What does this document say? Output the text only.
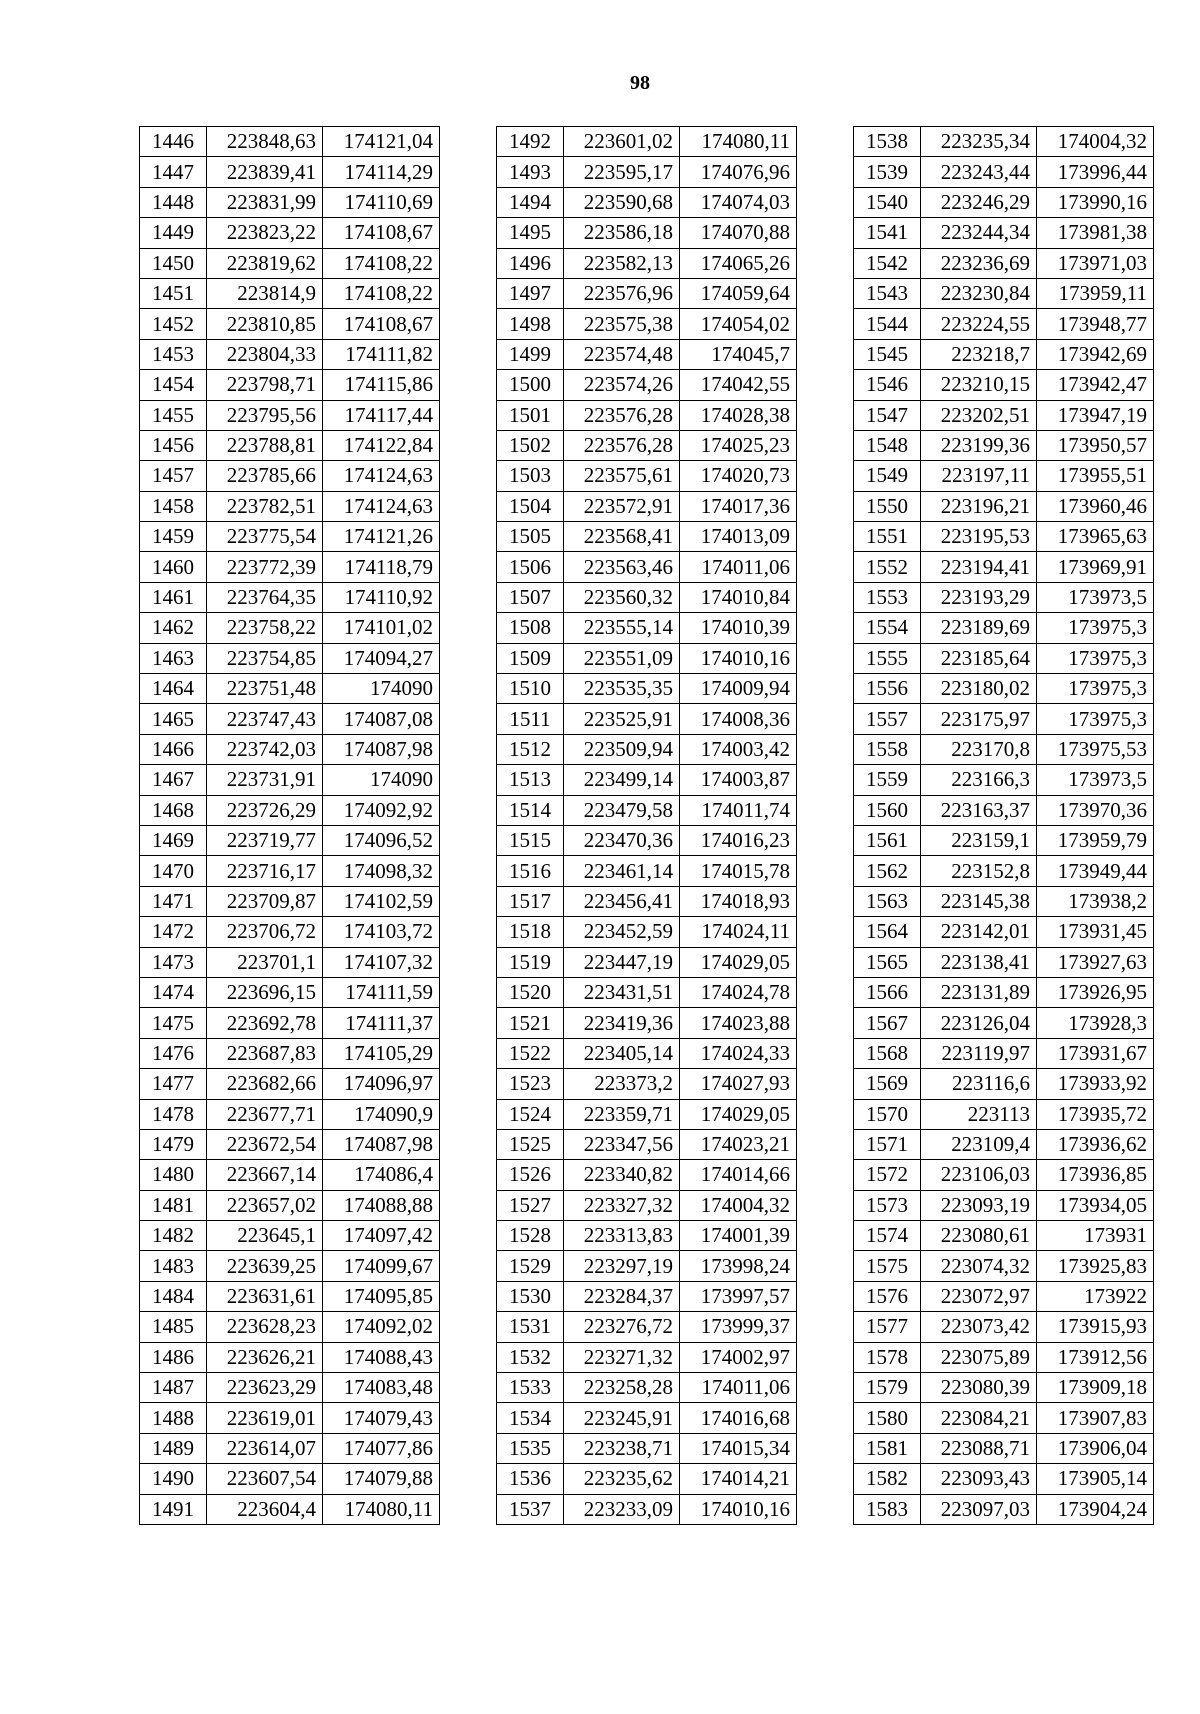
98
1446	223848,63	174121,04
1447	223839,41	174114,29
1448	223831,99	174110,69
1449	223823,22	174108,67
1450	223819,62	174108,22
1451	223814,9	174108,22
1452	223810,85	174108,67
1453	223804,33	174111,82
1454	223798,71	174115,86
1455	223795,56	174117,44
1456	223788,81	174122,84
1457	223785,66	174124,63
1458	223782,51	174124,63
1459	223775,54	174121,26
1460	223772,39	174118,79
1461	223764,35	174110,92
1462	223758,22	174101,02
1463	223754,85	174094,27
1464	223751,48	174090
1465	223747,43	174087,08
1466	223742,03	174087,98
1467	223731,91	174090
1468	223726,29	174092,92
1469	223719,77	174096,52
1470	223716,17	174098,32
1471	223709,87	174102,59
1472	223706,72	174103,72
1473	223701,1	174107,32
1474	223696,15	174111,59
1475	223692,78	174111,37
1476	223687,83	174105,29
1477	223682,66	174096,97
1478	223677,71	174090,9
1479	223672,54	174087,98
1480	223667,14	174086,4
1481	223657,02	174088,88
1482	223645,1	174097,42
1483	223639,25	174099,67
1484	223631,61	174095,85
1485	223628,23	174092,02
1486	223626,21	174088,43
1487	223623,29	174083,48
1488	223619,01	174079,43
1489	223614,07	174077,86
1490	223607,54	174079,88
1491	223604,4	174080,11
1492	223601,02	174080,11
1493	223595,17	174076,96
1494	223590,68	174074,03
1495	223586,18	174070,88
1496	223582,13	174065,26
1497	223576,96	174059,64
1498	223575,38	174054,02
1499	223574,48	174045,7
1500	223574,26	174042,55
1501	223576,28	174028,38
1502	223576,28	174025,23
1503	223575,61	174020,73
1504	223572,91	174017,36
1505	223568,41	174013,09
1506	223563,46	174011,06
1507	223560,32	174010,84
1508	223555,14	174010,39
1509	223551,09	174010,16
1510	223535,35	174009,94
1511	223525,91	174008,36
1512	223509,94	174003,42
1513	223499,14	174003,87
1514	223479,58	174011,74
1515	223470,36	174016,23
1516	223461,14	174015,78
1517	223456,41	174018,93
1518	223452,59	174024,11
1519	223447,19	174029,05
1520	223431,51	174024,78
1521	223419,36	174023,88
1522	223405,14	174024,33
1523	223373,2	174027,93
1524	223359,71	174029,05
1525	223347,56	174023,21
1526	223340,82	174014,66
1527	223327,32	174004,32
1528	223313,83	174001,39
1529	223297,19	173998,24
1530	223284,37	173997,57
1531	223276,72	173999,37
1532	223271,32	174002,97
1533	223258,28	174011,06
1534	223245,91	174016,68
1535	223238,71	174015,34
1536	223235,62	174014,21
1537	223233,09	174010,16
1538	223235,34	174004,32
1539	223243,44	173996,44
1540	223246,29	173990,16
1541	223244,34	173981,38
1542	223236,69	173971,03
1543	223230,84	173959,11
1544	223224,55	173948,77
1545	223218,7	173942,69
1546	223210,15	173942,47
1547	223202,51	173947,19
1548	223199,36	173950,57
1549	223197,11	173955,51
1550	223196,21	173960,46
1551	223195,53	173965,63
1552	223194,41	173969,91
1553	223193,29	173973,5
1554	223189,69	173975,3
1555	223185,64	173975,3
1556	223180,02	173975,3
1557	223175,97	173975,3
1558	223170,8	173975,53
1559	223166,3	173973,5
1560	223163,37	173970,36
1561	223159,1	173959,79
1562	223152,8	173949,44
1563	223145,38	173938,2
1564	223142,01	173931,45
1565	223138,41	173927,63
1566	223131,89	173926,95
1567	223126,04	173928,3
1568	223119,97	173931,67
1569	223116,6	173933,92
1570	223113	173935,72
1571	223109,4	173936,62
1572	223106,03	173936,85
1573	223093,19	173934,05
1574	223080,61	173931
1575	223074,32	173925,83
1576	223072,97	173922
1577	223073,42	173915,93
1578	223075,89	173912,56
1579	223080,39	173909,18
1580	223084,21	173907,83
1581	223088,71	173906,04
1582	223093,43	173905,14
1583	223097,03	173904,24
